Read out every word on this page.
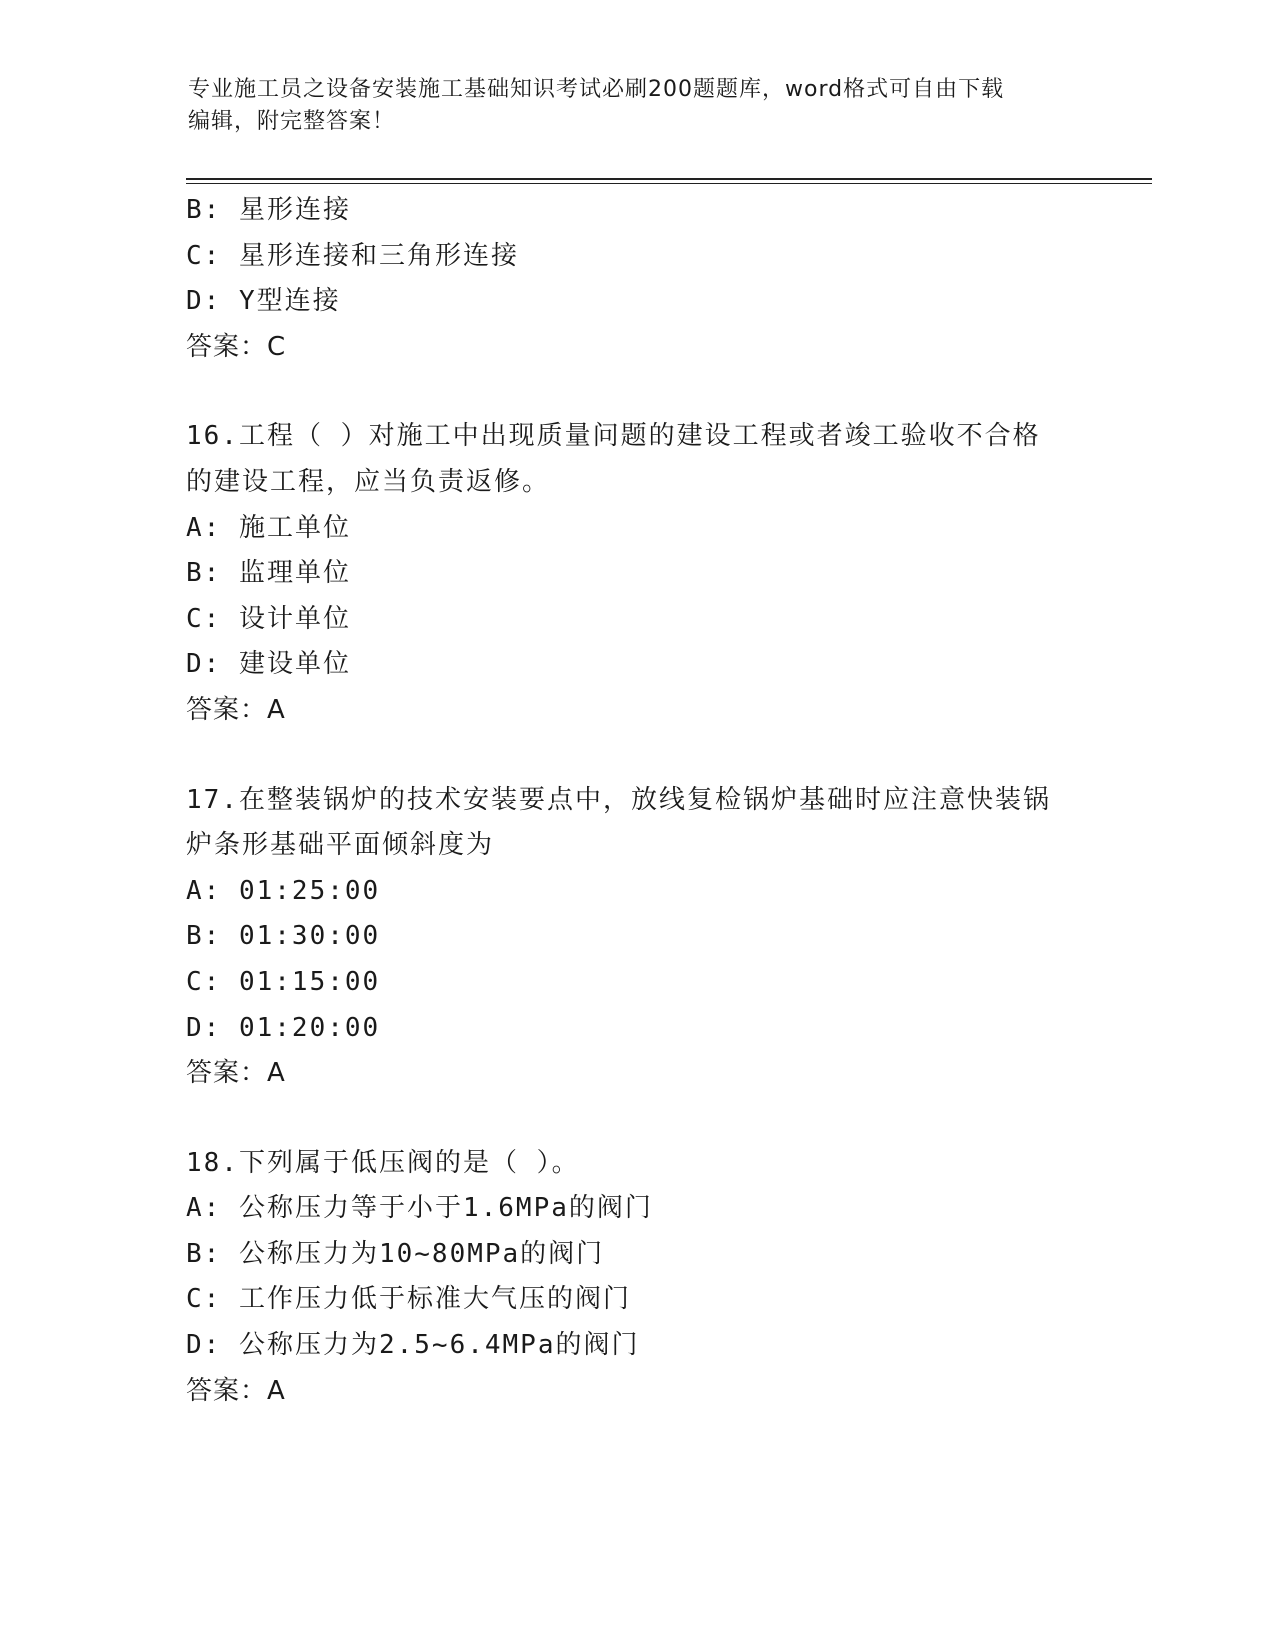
专业施工员之设备安装施工基础知识考试必刷200题题库，word格式可自由下载
编辑，附完整答案！
B: 星形连接
C: 星形连接和三角形连接
D: Y型连接
答案：C
16.工程（ ）对施工中出现质量问题的建设工程或者竣工验收不合格
的建设工程，应当负责返修。
A: 施工单位
B: 监理单位
C: 设计单位
D: 建设单位
答案：A
17.在整装锅炉的技术安装要点中，放线复检锅炉基础时应注意快装锅
炉条形基础平面倾斜度为
A: 01:25:00
B: 01:30:00
C: 01:15:00
D: 01:20:00
答案：A
18.下列属于低压阀的是（ ）。
A: 公称压力等于小于1.6MPa的阀门
B: 公称压力为10~80MPa的阀门
C: 工作压力低于标准大气压的阀门
D: 公称压力为2.5~6.4MPa的阀门
答案：A
